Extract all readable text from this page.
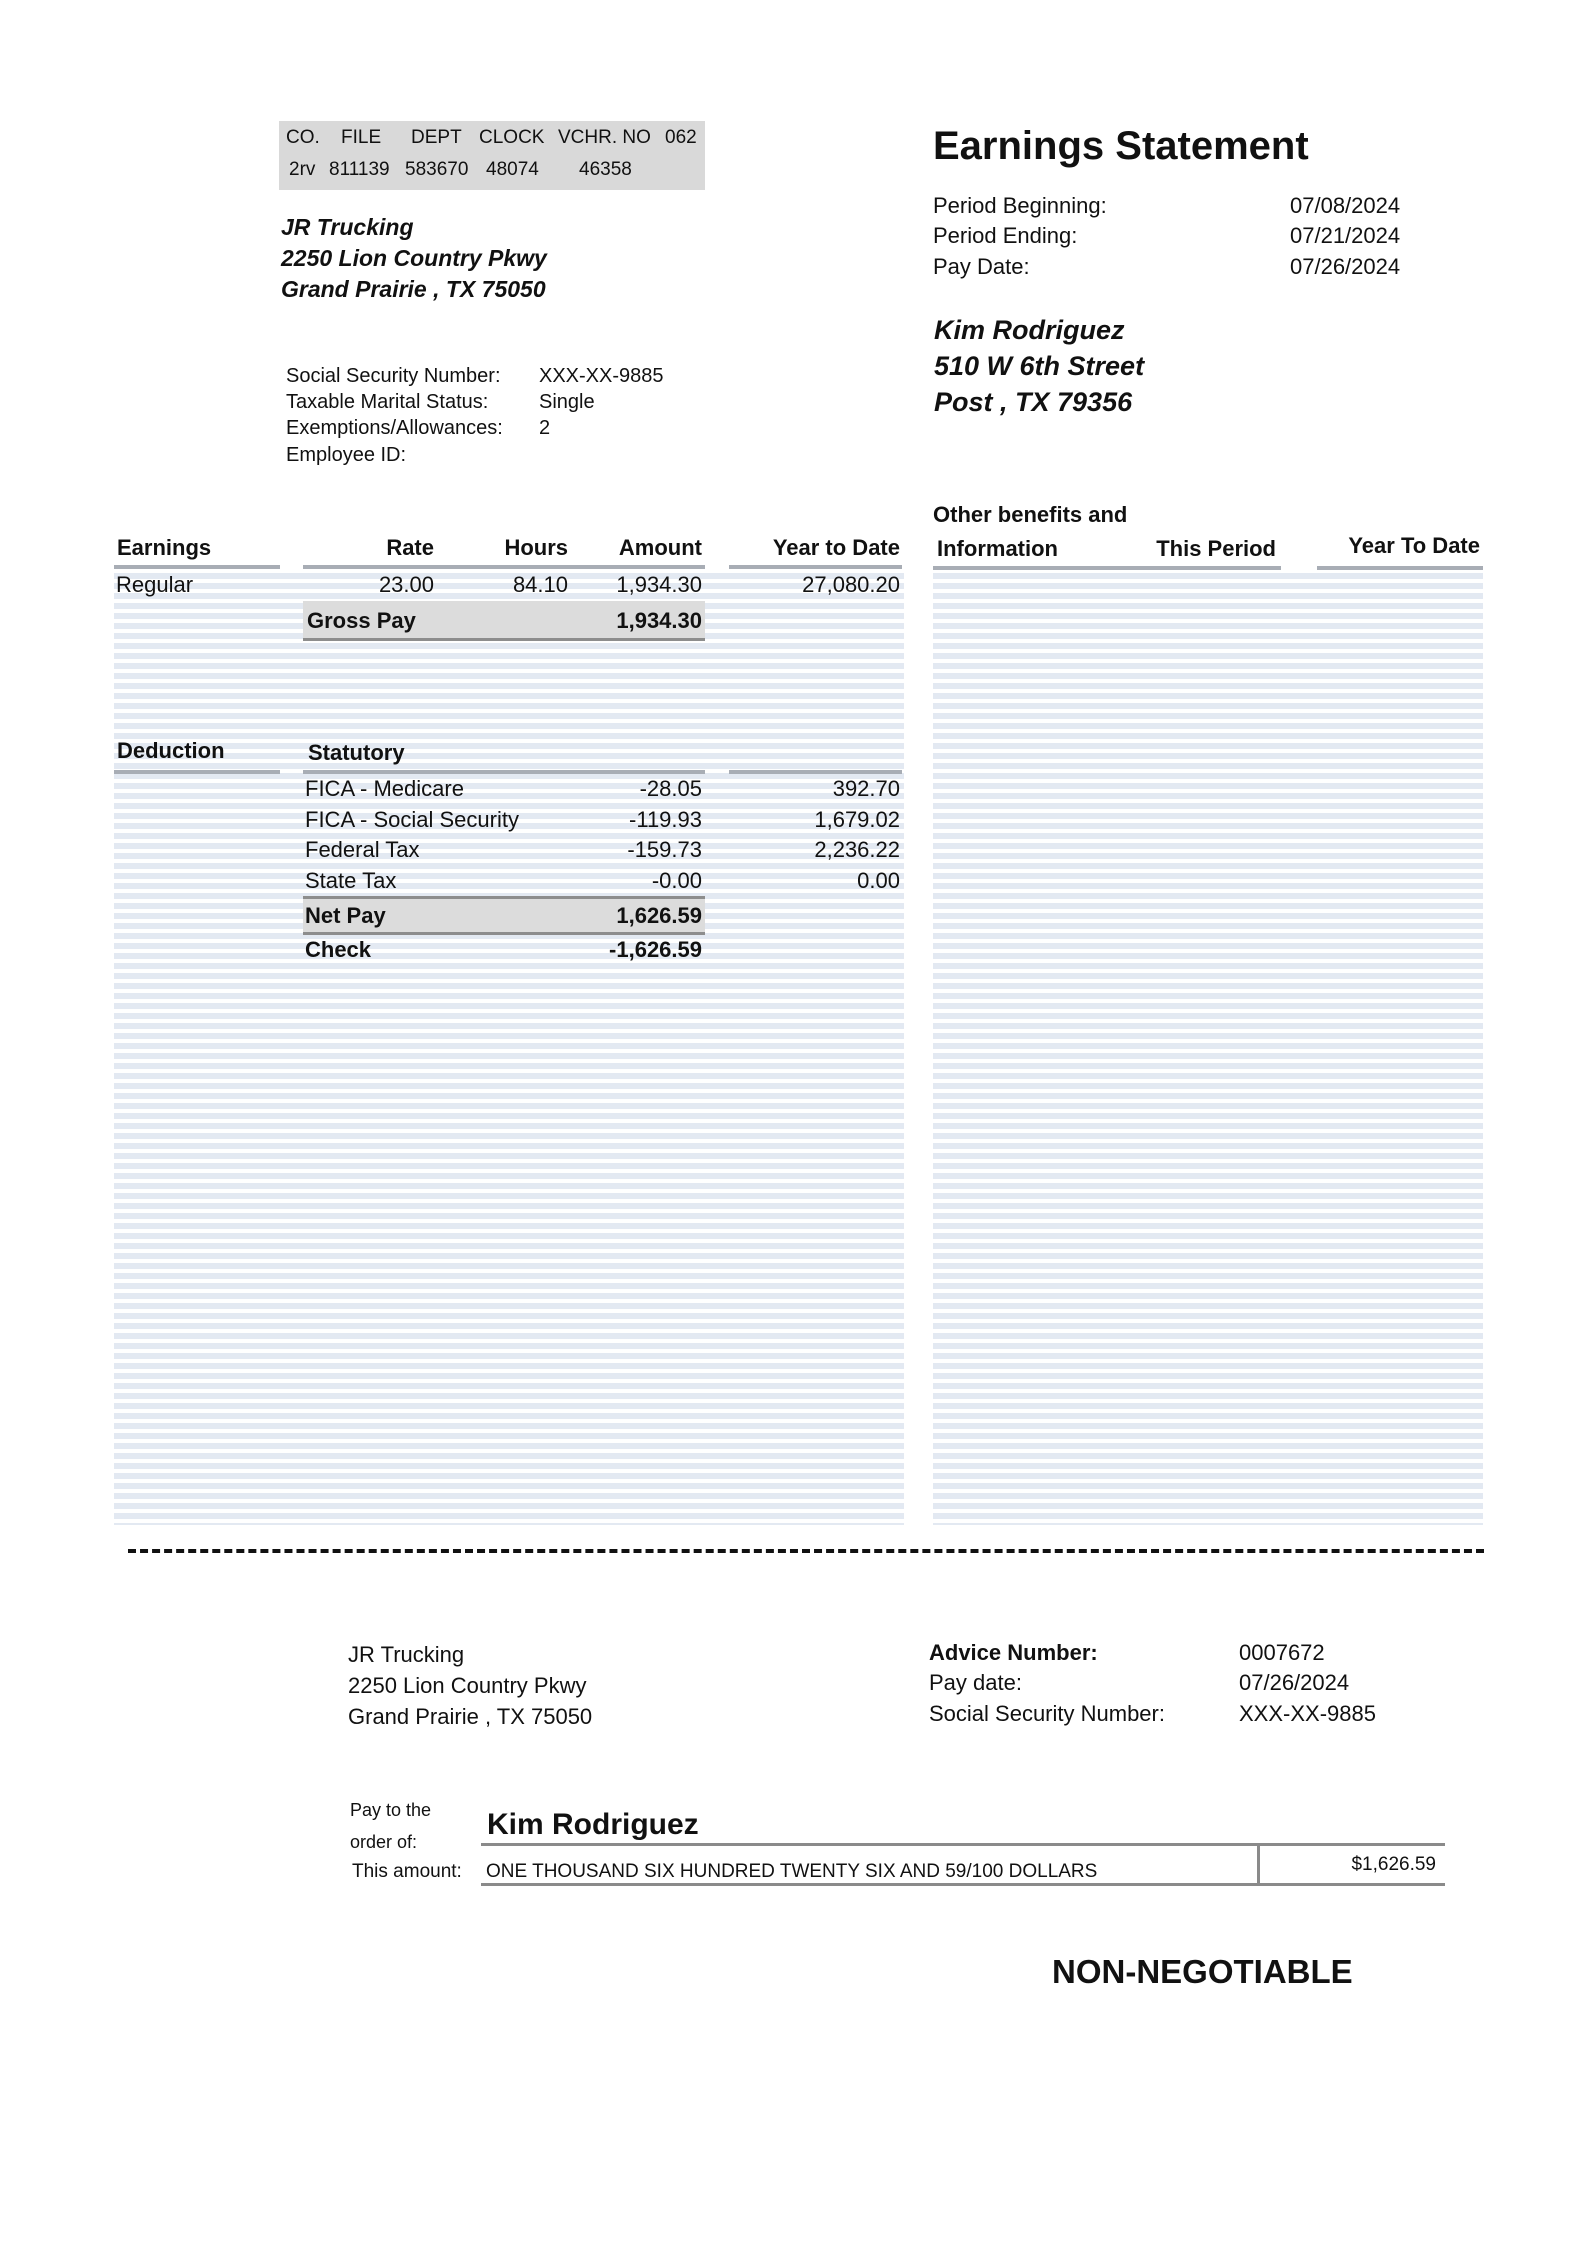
CO. FILE DEPT CLOCK VCHR. NO 062
2rv 811139 583670 48074 46358
JR Trucking
2250 Lion Country Pkwy
Grand Prairie , TX 75050
Earnings Statement
Period Beginning:	07/08/2024
Period Ending:	07/21/2024
Pay Date:	07/26/2024
Kim Rodriguez
510 W 6th Street
Post , TX 79356
Social Security Number: XXX-XX-9885
Taxable Marital Status:	Single
Exemptions/Allowances: 2
Employee ID:
Earnings	Rate	Hours	Amount	Year to Date
Regular	23.00	84.10	1,934.30	27,080.20
Gross Pay	1,934.30
Deduction	Statutory
FICA - Medicare	-28.05	392.70
FICA - Social Security	-119.93	1,679.02
Federal Tax	-159.73	2,236.22
State Tax	-0.00	0.00
Net Pay	1,626.59
Check	-1,626.59
Other benefits and
Information	This Period	Year To Date
JR Trucking
2250 Lion Country Pkwy
Grand Prairie , TX 75050
Advice Number:	0007672
Pay date:	07/26/2024
Social Security Number:	XXX-XX-9885
Pay to the
order of:
Kim Rodriguez
This amount: ONE THOUSAND SIX HUNDRED TWENTY SIX AND 59/100 DOLLARS	$1,626.59
NON-NEGOTIABLE
